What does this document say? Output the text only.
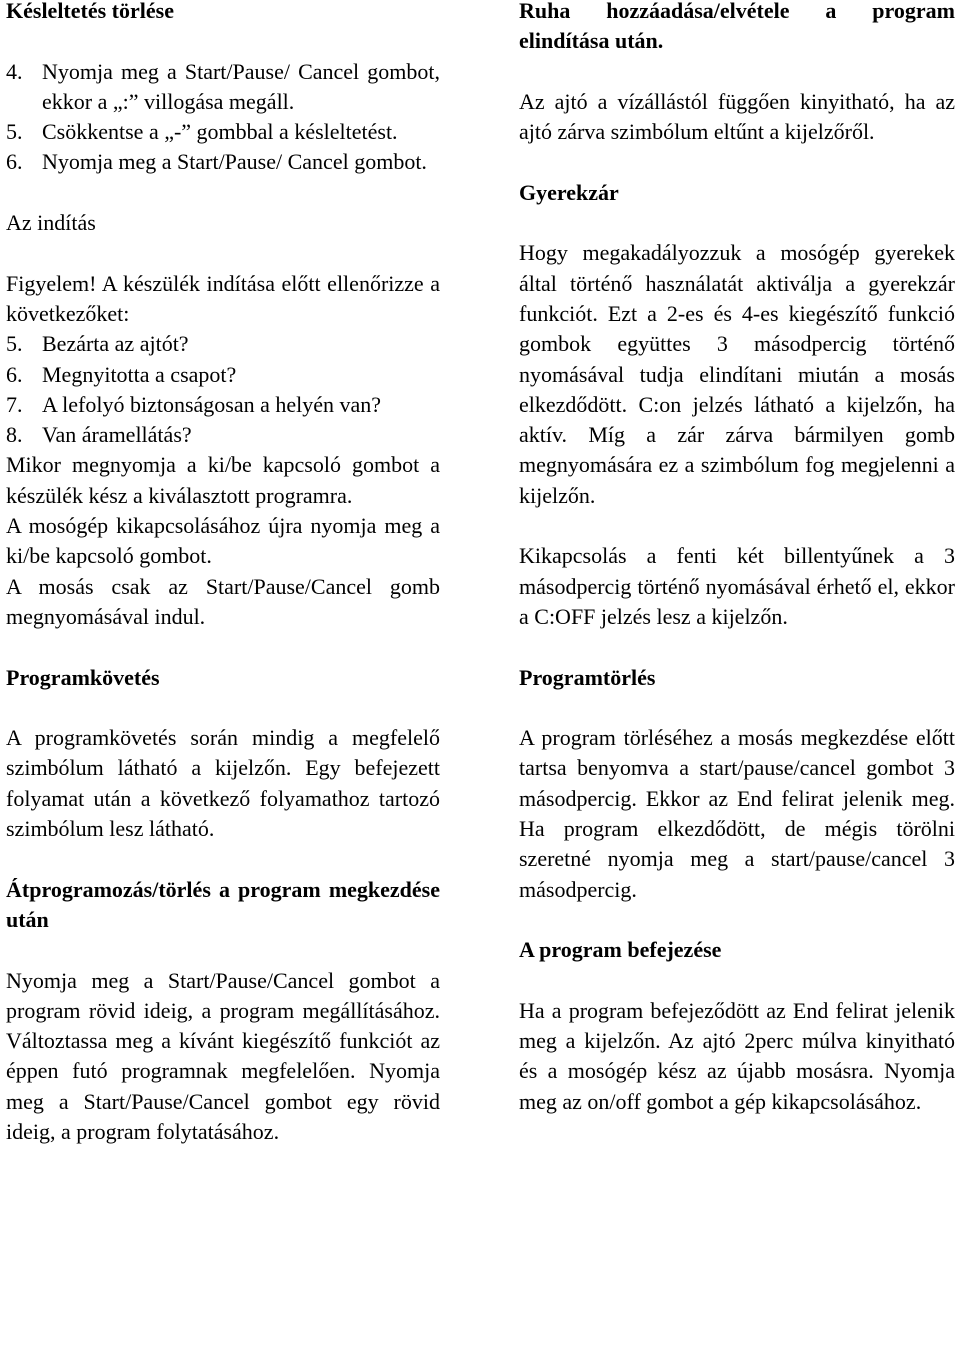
Késleltetés törlése

4. Nyomja meg a Start/Pause/ Cancel gombot, ekkor a „:” villogása megáll.
5. Csökkentse a „-” gombbal a késleltetést.
6. Nyomja meg a Start/Pause/ Cancel gombot.

Az indítás

Figyelem! A készülék indítása előtt ellenőrizze a következőket:

5. Bezárta az ajtót?
6. Megnyitotta a csapot?
7. A lefolyó biztonságosan a helyén van?
8. Van áramellátás?

Mikor megnyomja a ki/be kapcsoló gombot a készülék kész a kiválasztott programra.

A mosógép kikapcsolásához újra nyomja meg a ki/be kapcsoló gombot.

A mosás csak az Start/Pause/Cancel gomb megnyomásával indul.

Programkövetés

A programkövetés során mindig a megfelelő szimbólum látható a kijelzőn. Egy befejezett folyamat után a következő folyamathoz tartozó szimbólum lesz látható.

Átprogramozás/törlés a program megkezdése után

Nyomja meg a Start/Pause/Cancel gombot a program rövid ideig, a program megállításához. Változtassa meg a kívánt kiegészítő funkciót az éppen futó programnak megfelelően. Nyomja meg a Start/Pause/Cancel gombot egy rövid ideig, a program folytatásához.

Ruha hozzáadása/elvétele a program elindítása után.

Az ajtó a vízállástól függően kinyitható, ha az ajtó zárva szimbólum eltűnt a kijelzőről.

Gyerekzár

Hogy megakadályozzuk a mosógép gyerekek által történő használatát aktiválja a gyerekzár funkciót. Ezt a 2-es és 4-es kiegészítő funkció gombok együttes 3 másodpercig történő nyomásával tudja elindítani miután a mosás elkezdődött. C:on jelzés látható a kijelzőn, ha aktív. Míg a zár zárva bármilyen gomb megnyomására ez a szimbólum fog megjelenni a kijelzőn.

Kikapcsolás a fenti két billentyűnek a 3 másodpercig történő nyomásával érhető el, ekkor a C:OFF jelzés lesz a kijelzőn.

Programtörlés

A program törléséhez a mosás megkezdése előtt tartsa benyomva a start/pause/cancel gombot 3 másodpercig. Ekkor az End felirat jelenik meg. Ha program elkezdődött, de mégis törölni szeretné nyomja meg a start/pause/cancel 3 másodpercig.

A program befejezése

Ha a program befejeződött az End felirat jelenik meg a kijelzőn. Az ajtó 2perc múlva kinyitható és a mosógép kész az újabb mosásra. Nyomja meg az on/off gombot a gép kikapcsolásához.
